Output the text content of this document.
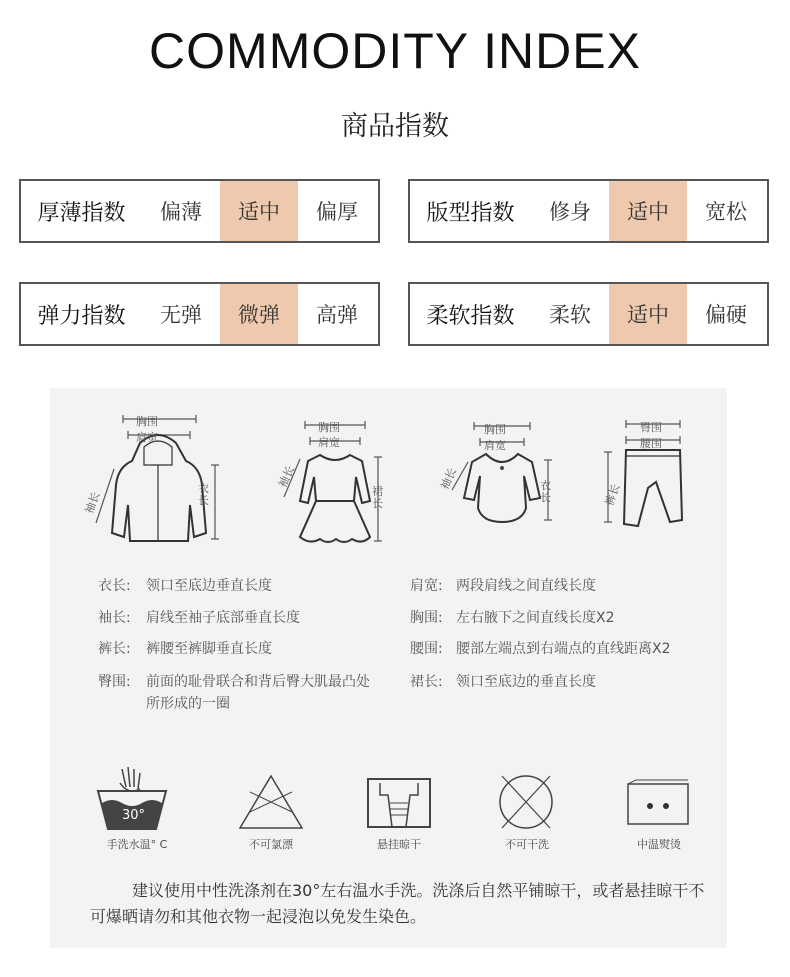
COMMODITY INDEX
商品指数
厚薄指数	偏薄	适中	偏厚	版型指数	修身	适中	宽松
弹力指数	无弹	微弹	高弹	柔软指数	柔软	适中	偏硬
胸围
肩宽
袖长
衣长
胸围
肩宽
袖长
裙长
胸围
肩宽
袖长	衣长
臀围
腰围
裤长
衣长: 领口至底边垂直长度
袖长: 肩线至袖子底部垂直长度
裤长: 裤腰至裤脚垂直长度
臀围: 前面的耻骨联合和背后臀大肌最凸处
所形成的一圈
肩宽: 两段肩线之间直线长度
胸围: 左右腋下之间直线长度X2
腰围: 腰部左端点到右端点的直线距离X2
裙长: 领口至底边的垂直长度
30°
手洗水温° C	不可氯漂	悬挂晾干	不可干洗	中温熨烫
建议使用中性洗涤剂在30°左右温水手洗。洗涤后自然平铺晾干，或者悬挂晾干不可爆晒请勿和其他衣物一起浸泡以免发生染色。
